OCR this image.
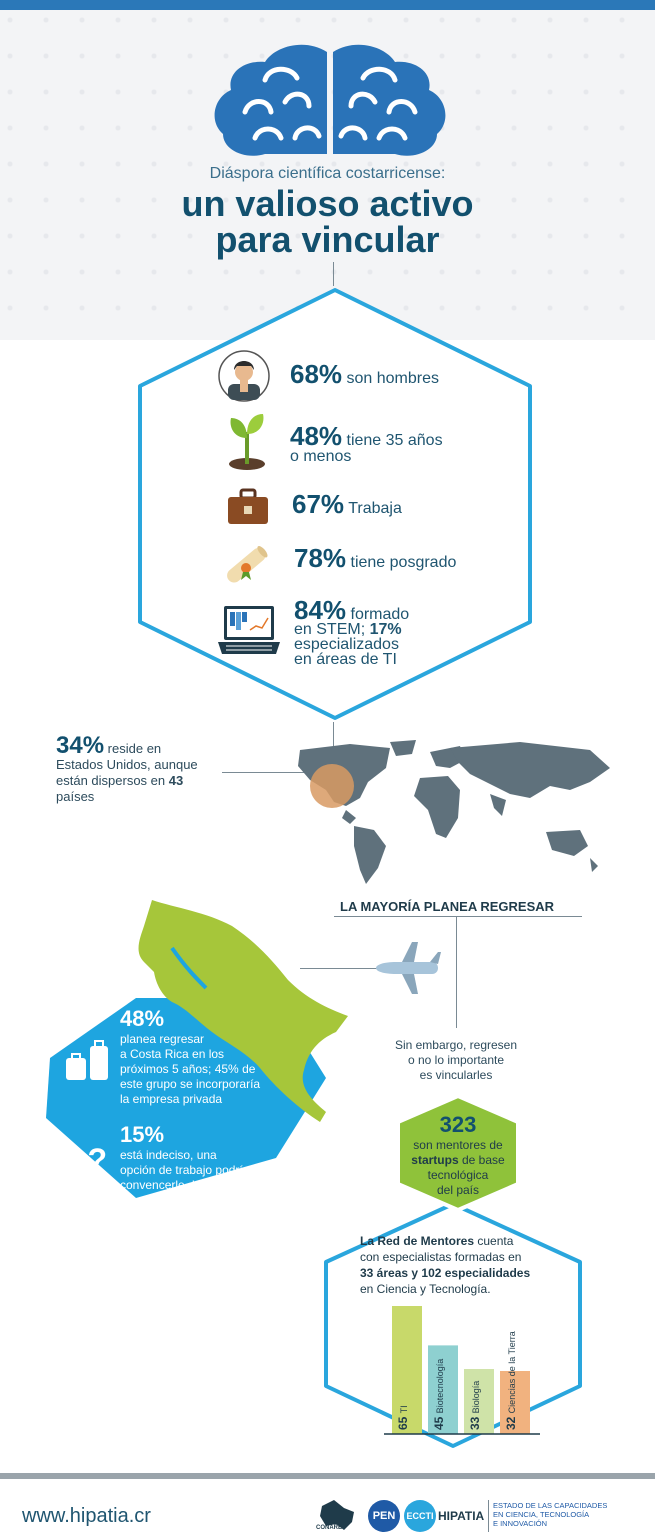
Diáspora científica costarricense:
un valioso activo
para vincular
68% son hombres
48% tiene 35 años
o menos
67% Trabaja
78% tiene posgrado
84% formado
en STEM; 17%
especializados
en áreas de TI
34% reside en
Estados Unidos, aunque
están dispersos en 43
países
LA MAYORÍA PLANEA REGRESAR
48%
planea regresar
a Costa Rica en los
próximos 5 años; 45% de
este grupo se incorporaría
la empresa privada
15%
está indeciso, una
opción de trabajo podría
convencerle de regresar
¿?
Sin embargo, regresen
o no lo importante
es vincularles
323
son mentores de
startups de base
tecnológica
del país
La Red de Mentores cuenta
con especialistas formadas en
33 áreas y 102 especialidades
en Ciencia y Tecnología.
65 TI
45 Biotecnología
33 Biología
32 Ciencias de la Tierra
www.hipatia.cr
CONARE
PEN	ECCTI HIPATIA
ESTADO DE LAS CAPACIDADES
EN CIENCIA, TECNOLOGÍA
E INNOVACIÓN
